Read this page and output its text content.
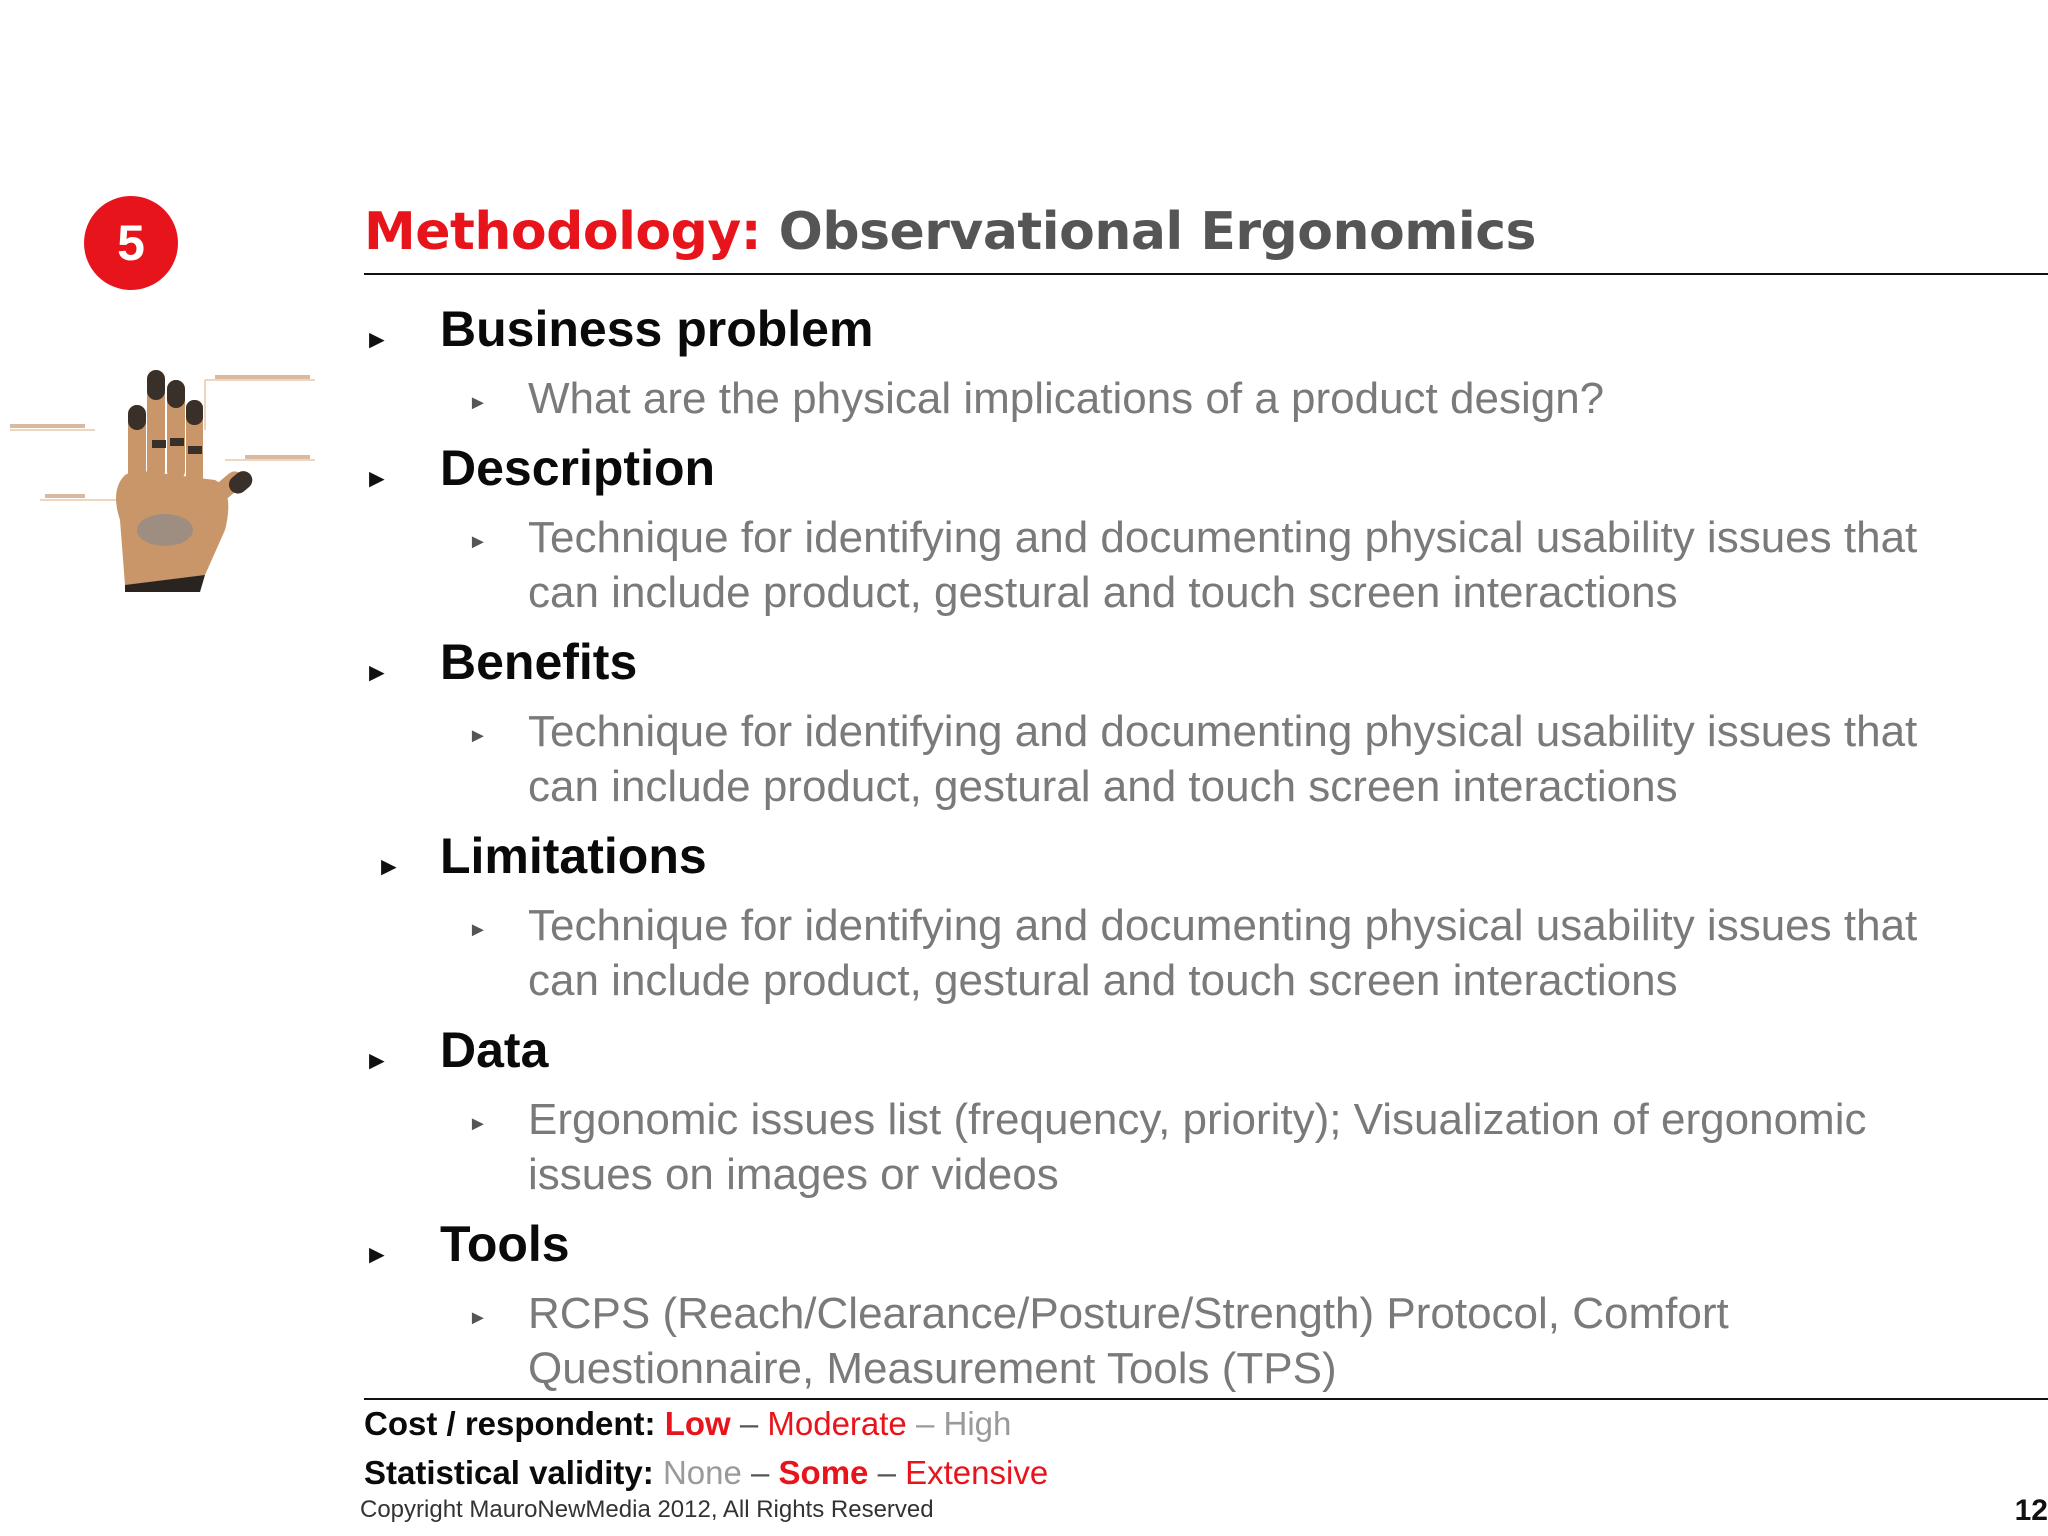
5	Methodology: Observational Ergonomics
► Business problem
► What are the physical implications of a product design?
► Description
► Technique for identifying and documenting physical usability issues that
can include product, gestural and touch screen interactions
► Benefits
► Technique for identifying and documenting physical usability issues that
can include product, gestural and touch screen interactions
► Limitations
► Technique for identifying and documenting physical usability issues that
can include product, gestural and touch screen interactions
► Data
► Ergonomic issues list (frequency, priority); Visualization of ergonomic
issues on images or videos
► Tools
► RCPS (Reach/Clearance/Posture/Strength) Protocol, Comfort
Questionnaire, Measurement Tools (TPS)
Cost / respondent: Low – Moderate – High
Statistical validity: None – Some – Extensive
Copyright MauroNewMedia 2012, All Rights Reserved	12
